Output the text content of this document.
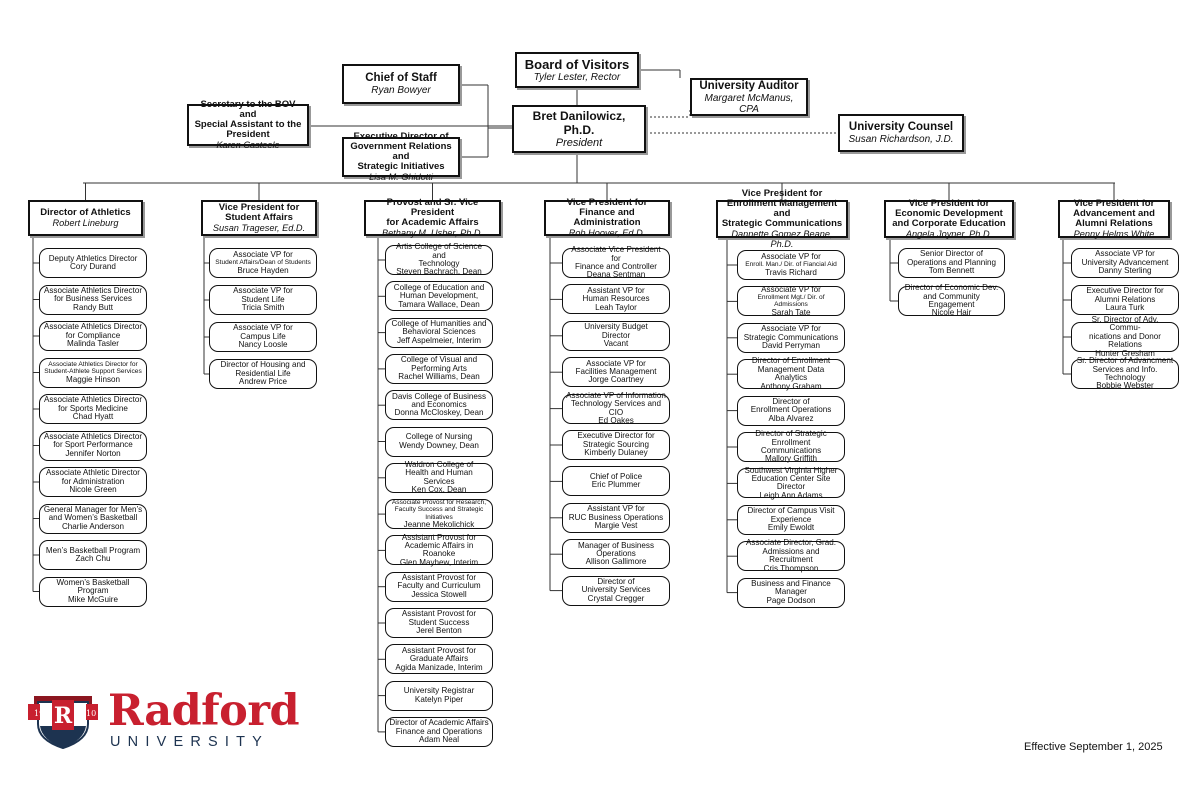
Board of Visitors
Tyler Lester, Rector
Chief of Staff
Ryan Bowyer	University Auditor
Margaret McManus, CPA
Bret Danilowicz, Ph.D.
President
Secretary to the BOV and
Special Assistant to the
President
Karen Casteele
Executive Director of
Government Relations and
Strategic Initiatives
Lisa M. Ghidotti
University Counsel
Susan Richardson, J.D.
Director of Athletics
Robert Lineburg
Deputy Athletics Director
Cory Durand
Associate Athletics Director
for Business Services
Randy Butt
Associate Athletics Director
for Compliance
Malinda Tasler
Associate Athletics Director for
Student-Athlete Support Services
Maggie Hinson
Associate Athletics Director
for Sports Medicine
Chad Hyatt
Associate Athletics Director
for Sport Performance
Jennifer Norton
Associate Athletic Director
for Administration
Nicole Green
General Manager for Men’s
and Women’s Basketball
Charlie Anderson
Men’s Basketball Program
Zach Chu
Women’s Basketball
Program
Mike McGuire
Vice President for
Student Affairs
Susan Trageser, Ed.D.
Associate VP for
Student Affairs/Dean of Students
Bruce Hayden
Associate VP for
Student Life
Tricia Smith
Associate VP for
Campus Life
Nancy Loosle
Director of Housing and
Residential Life
Andrew Price
Provost and Sr. Vice President
for Academic Affairs
Bethany M. Usher, Ph.D.
Artis College of Science and
Technology
Steven Bachrach, Dean
College of Education and
Human Development,
Tamara Wallace, Dean
College of Humanities and
Behavioral Sciences
Jeff Aspelmeier, Interim
College of Visual and
Performing Arts
Rachel Williams, Dean
Davis College of Business
and Economics
Donna McCloskey, Dean
College of Nursing
Wendy Downey, Dean
Waldron College of
Health and Human Services
Ken Cox, Dean
Associate Provost for Research,
Faculty Success and Strategic Initiatives
Jeanne Mekolichick
Assistant Provost for
Academic Affairs in Roanoke
Glen Mayhew, Interim
Assistant Provost for
Faculty and Curriculum
Jessica Stowell
Assistant Provost for
Student Success
Jerel Benton
Assistant Provost for
Graduate Affairs
Agida Manizade, Interim
University Registrar
Katelyn Piper
Director of Academic Affairs
Finance and Operations
Adam Neal
Vice President for
Finance and Administration
Rob Hoover, Ed.D.
Associate Vice President for
Finance and Controller
Deana Sentman
Assistant VP for
Human Resources
Leah Taylor
University Budget
Director
Vacant
Associate VP for
Facilities Management
Jorge Coartney
Associate VP of Information
Technology Services and CIO
Ed Oakes
Executive Director for
Strategic Sourcing
Kimberly Dulaney
Chief of Police
Eric Plummer
Assistant VP for
RUC Business Operations
Margie Vest
Manager of Business
Operations
Allison Gallimore
Director of
University Services
Crystal Cregger
Vice President for
Enrollment Management and
Strategic Communications
Dannette Gomez Beane, Ph.D.
Associate VP for
Enroll. Man./ Dir. of Fiancial Aid
Travis Richard
Associate VP for
Enrollment Mgt./ Dir. of Admissions
Sarah Tate
Associate VP for
Strategic Communications
David Perryman
Director of Enrollment
Management Data Analytics
Anthony Graham
Director of
Enrollment Operations
Alba Alvarez
Director of Strategic
Enrollment Communications
Mallory Griffith
Southwest Virginia Higher
Education Center Site Director
Leigh Ann Adams
Director of Campus Visit
Experience
Emily Ewoldt
Associate Director, Grad.
Admissions and Recruitment
Cris Thompson
Business and Finance
Manager
Page Dodson
Vice President for
Economic Development
and Corporate Education
Angela Joyner, Ph.D.
Senior Director of
Operations and Planning
Tom Bennett
Director of Economic Dev.
and Community Engagement
Nicole Hair
Vice President for
Advancement and
Alumni Relations
Penny Helms White
Associate VP for
University Advancement
Danny Sterling
Executive Director for
Alumni Relations
Laura Turk
Sr. Director of Adv. Commu-
nications and Donor Relations
Hunter Gresham
Sr. Director of Advancment
Services and Info. Technology
Bobbie Webster
R
19	10 Radford
UNIVERSITY	Effective September 1, 2025
